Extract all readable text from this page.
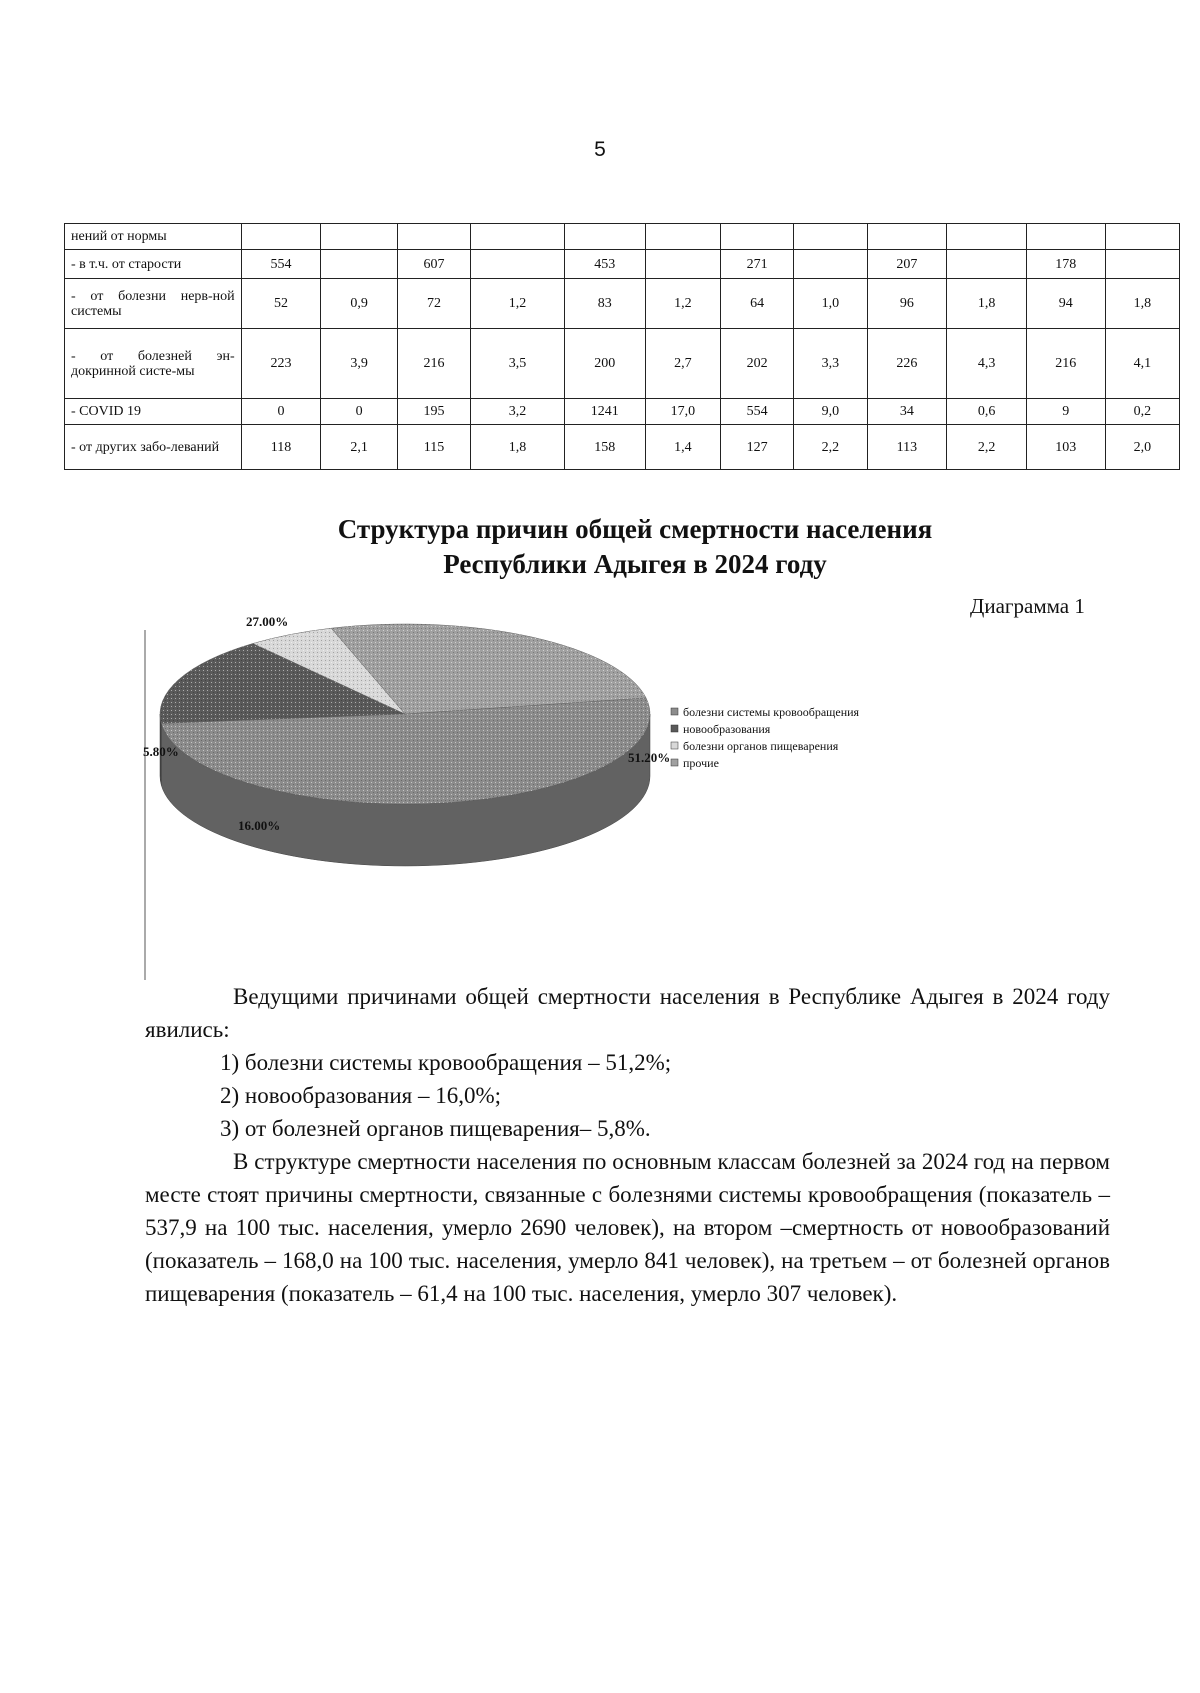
5
нений от нормы												
- в т.ч. от старости	554		607		453		271		207		178	
- от болезни нерв-ной системы	52	0,9	72	1,2	83	1,2	64	1,0	96	1,8	94	1,8
- от болезней эн-докринной систе-мы	223	3,9	216	3,5	200	2,7	202	3,3	226	4,3	216	4,1
- COVID 19	0	0	195	3,2	1241	17,0	554	9,0	34	0,6	9	0,2
- от других забо-леваний	118	2,1	115	1,8	158	1,4	127	2,2	113	2,2	103	2,0
Структура причин общей смертности населения
Республики Адыгея в 2024 году
Диаграмма 1
51.20%
16.00%
5.80%
27.00%
болезни системы кровообращения
новообразования
болезни органов пищеварения
прочие

Ведущими причинами общей смертности населения в Республике Адыгея в 2024 году явились:

1) болезни системы кровообращения – 51,2%;

2) новообразования – 16,0%;

3) от болезней органов пищеварения– 5,8%.

В структуре смертности населения по основным классам болезней за 2024 год на первом месте стоят причины смертности, связанные с болезнями системы кровообращения (показатель – 537,9 на 100 тыс. населения, умерло 2690 человек), на втором –смертность от новообразований (показатель – 168,0 на 100 тыс. населения, умерло 841 человек), на третьем – от болезней органов пищеварения (показатель – 61,4 на 100 тыс. населения, умерло 307 человек).
